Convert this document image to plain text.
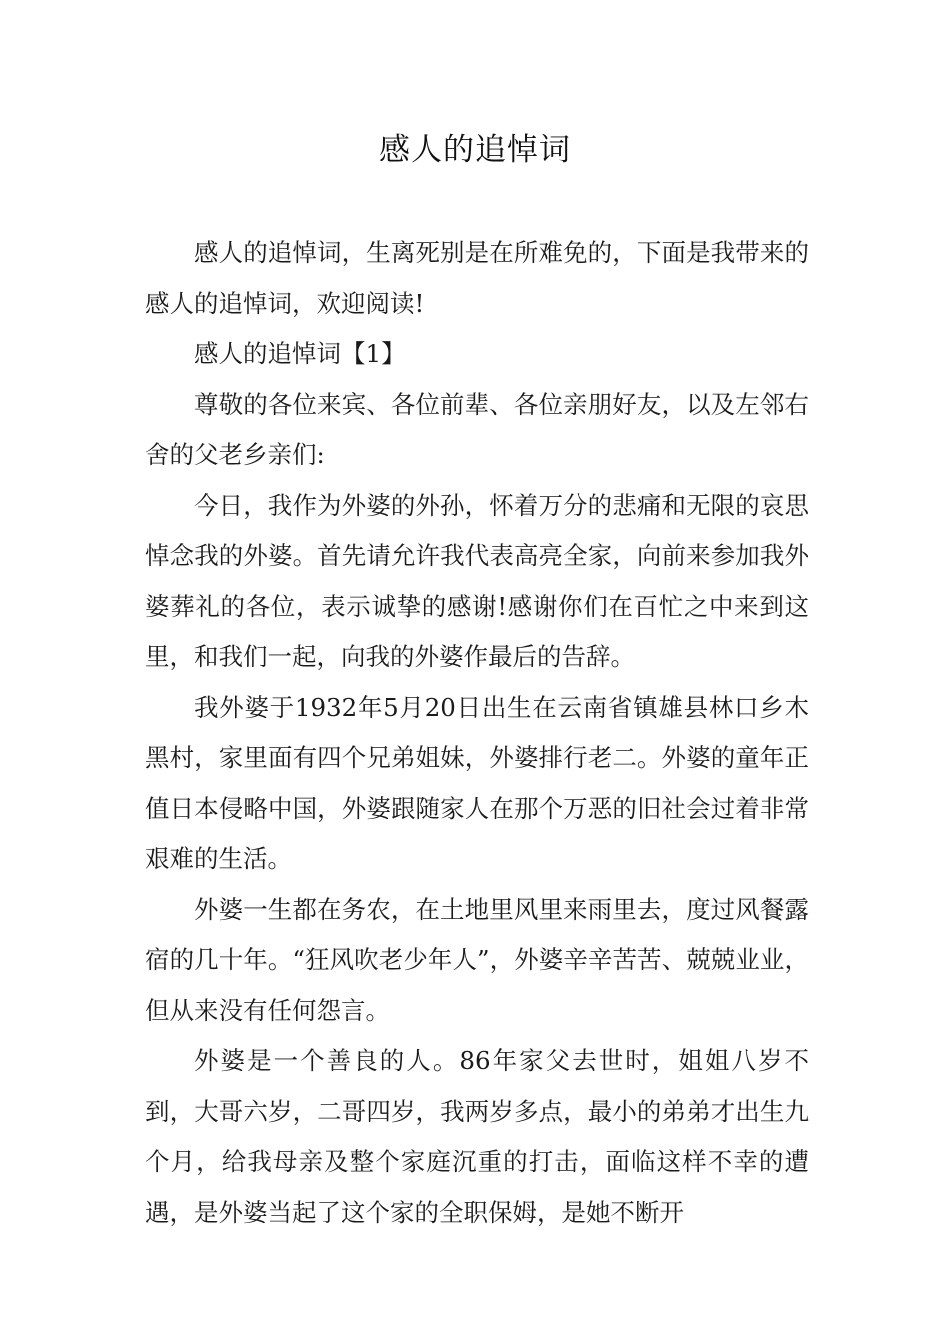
感人的追悼词

感人的追悼词，生离死别是在所难免的，下面是我带来的感人的追悼词，欢迎阅读!

感人的追悼词【1】

尊敬的各位来宾、各位前辈、各位亲朋好友，以及左邻右舍的父老乡亲们:

今日，我作为外婆的外孙，怀着万分的悲痛和无限的哀思悼念我的外婆。首先请允许我代表高亮全家，向前来参加我外婆葬礼的各位，表示诚挚的感谢!感谢你们在百忙之中来到这里，和我们一起，向我的外婆作最后的告辞。

我外婆于1932年5月20日出生在云南省镇雄县林口乡木黑村，家里面有四个兄弟姐妹，外婆排行老二。外婆的童年正值日本侵略中国，外婆跟随家人在那个万恶的旧社会过着非常艰难的生活。

外婆一生都在务农，在土地里风里来雨里去，度过风餐露宿的几十年。“狂风吹老少年人”，外婆辛辛苦苦、兢兢业业，但从来没有任何怨言。

外婆是一个善良的人。86年家父去世时，姐姐八岁不到，大哥六岁，二哥四岁，我两岁多点，最小的弟弟才出生九个月，给我母亲及整个家庭沉重的打击，面临这样不幸的遭遇，是外婆当起了这个家的全职保姆，是她不断开
